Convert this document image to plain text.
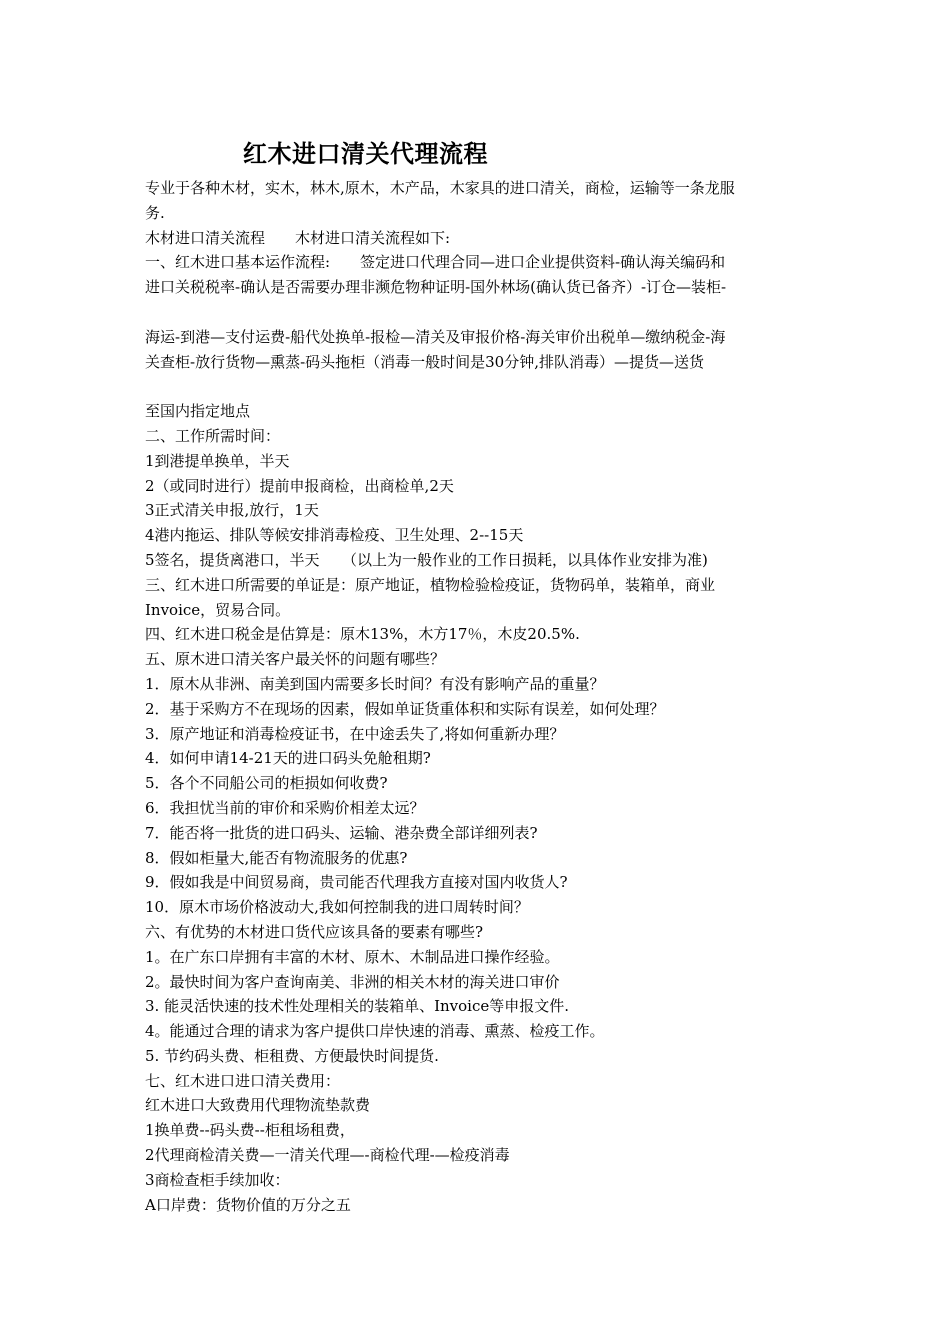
红木进口清关代理流程
专业于各种木材，实木，林木,原木，木产品，木家具的进口清关，商检，运输等一条龙服
务.
木材进口清关流程　　木材进口清关流程如下:
一、红木进口基本运作流程:　　签定进口代理合同—进口企业提供资料-确认海关编码和
进口关税税率-确认是否需要办理非濒危物种证明-国外林场(确认货已备齐）-订仓—装柜-
海运-到港—支付运费-船代处换单-报检—清关及审报价格-海关审价出税单—缴纳税金-海
关查柜-放行货物—熏蒸-码头拖柜（消毒一般时间是30分钟,排队消毒）—提货—送货
至国内指定地点
二、工作所需时间：
1到港提单换单，半天
2（或同时进行）提前申报商检，出商检单,2天
3正式清关申报,放行，1天
4港内拖运、排队等候安排消毒检疫、卫生处理、2--15天
5签名，提货离港口，半天　　（以上为一般作业的工作日损耗，以具体作业安排为准)
三、红木进口所需要的单证是：原产地证，植物检验检疫证，货物码单，装箱单，商业
Invoice，贸易合同。
四、红木进口税金是估算是：原木13%，木方17％，木皮20.5%.
五、原木进口清关客户最关怀的问题有哪些？
1．原木从非洲、南美到国内需要多长时间？有没有影响产品的重量？
2．基于采购方不在现场的因素，假如单证货重体积和实际有误差，如何处理？
3．原产地证和消毒检疫证书，在中途丢失了,将如何重新办理？
4．如何申请14-21天的进口码头免舱租期?
5．各个不同船公司的柜损如何收费?
6．我担忧当前的审价和采购价相差太远？
7．能否将一批货的进口码头、运输、港杂费全部详细列表?
8．假如柜量大,能否有物流服务的优惠?
9．假如我是中间贸易商，贵司能否代理我方直接对国内收货人?
10．原木市场价格波动大,我如何控制我的进口周转时间？
六、有优势的木材进口货代应该具备的要素有哪些?
1。在广东口岸拥有丰富的木材、原木、木制品进口操作经验。
2。最快时间为客户查询南美、非洲的相关木材的海关进口审价
3. 能灵活快速的技术性处理相关的装箱单、Invoice等申报文件.
4。能通过合理的请求为客户提供口岸快速的消毒、熏蒸、检疫工作。
5. 节约码头费、柜租费、方便最快时间提货.
七、红木进口进口清关费用：
红木进口大致费用代理物流垫款费
1换单费--码头费--柜租场租费，
2代理商检清关费—一清关代理—-商检代理-—检疫消毒
3商检查柜手续加收：
A口岸费：货物价值的万分之五
